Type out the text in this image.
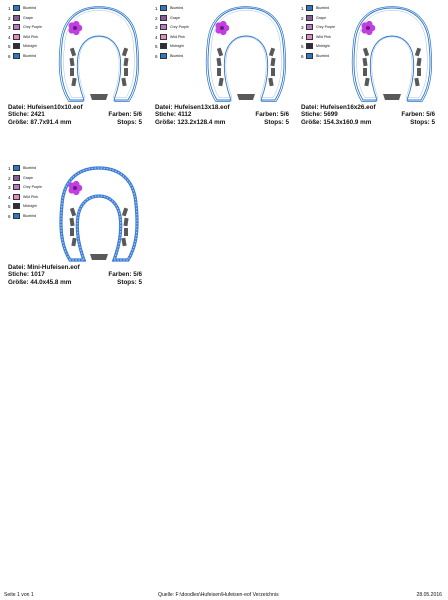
1	Bluebird
2	Grape
3	Chry Purple
4	Wild Pink
5	Midnight
6	Bluebird
Datei: Hufeisen10x10.eof
Stiche: 2421	Farben: 5/6
Größe: 87.7x91.4 mm	Stops: 5
1	Bluebird
2	Grape
3	Chry Purple
4	Wild Pink
5	Midnight
6	Bluebird
Datei: Hufeisen13x18.eof
Stiche: 4112	Farben: 5/6
Größe: 123.2x128.4 mm	Stops: 5
1	Bluebird
2	Grape
3	Chry Purple
4	Wild Pink
5	Midnight
6	Bluebird
Datei: Hufeisen16x26.eof
Stiche: 5699	Farben: 5/6
Größe: 154.3x160.9 mm	Stops: 5
1	Bluebird
2	Grape
3	Chry Purple
4	Wild Pink
5	Midnight
6	Bluebird
Datei: Mini-Hufeisen.eof
Stiche: 1017	Farben: 5/6
Größe: 44.0x45.8 mm	Stops: 5
Seite 1 von 1	Quelle: F:\doodles\Hufeisen\Hufeisen-eof Verzeichnis	28.05.2016
